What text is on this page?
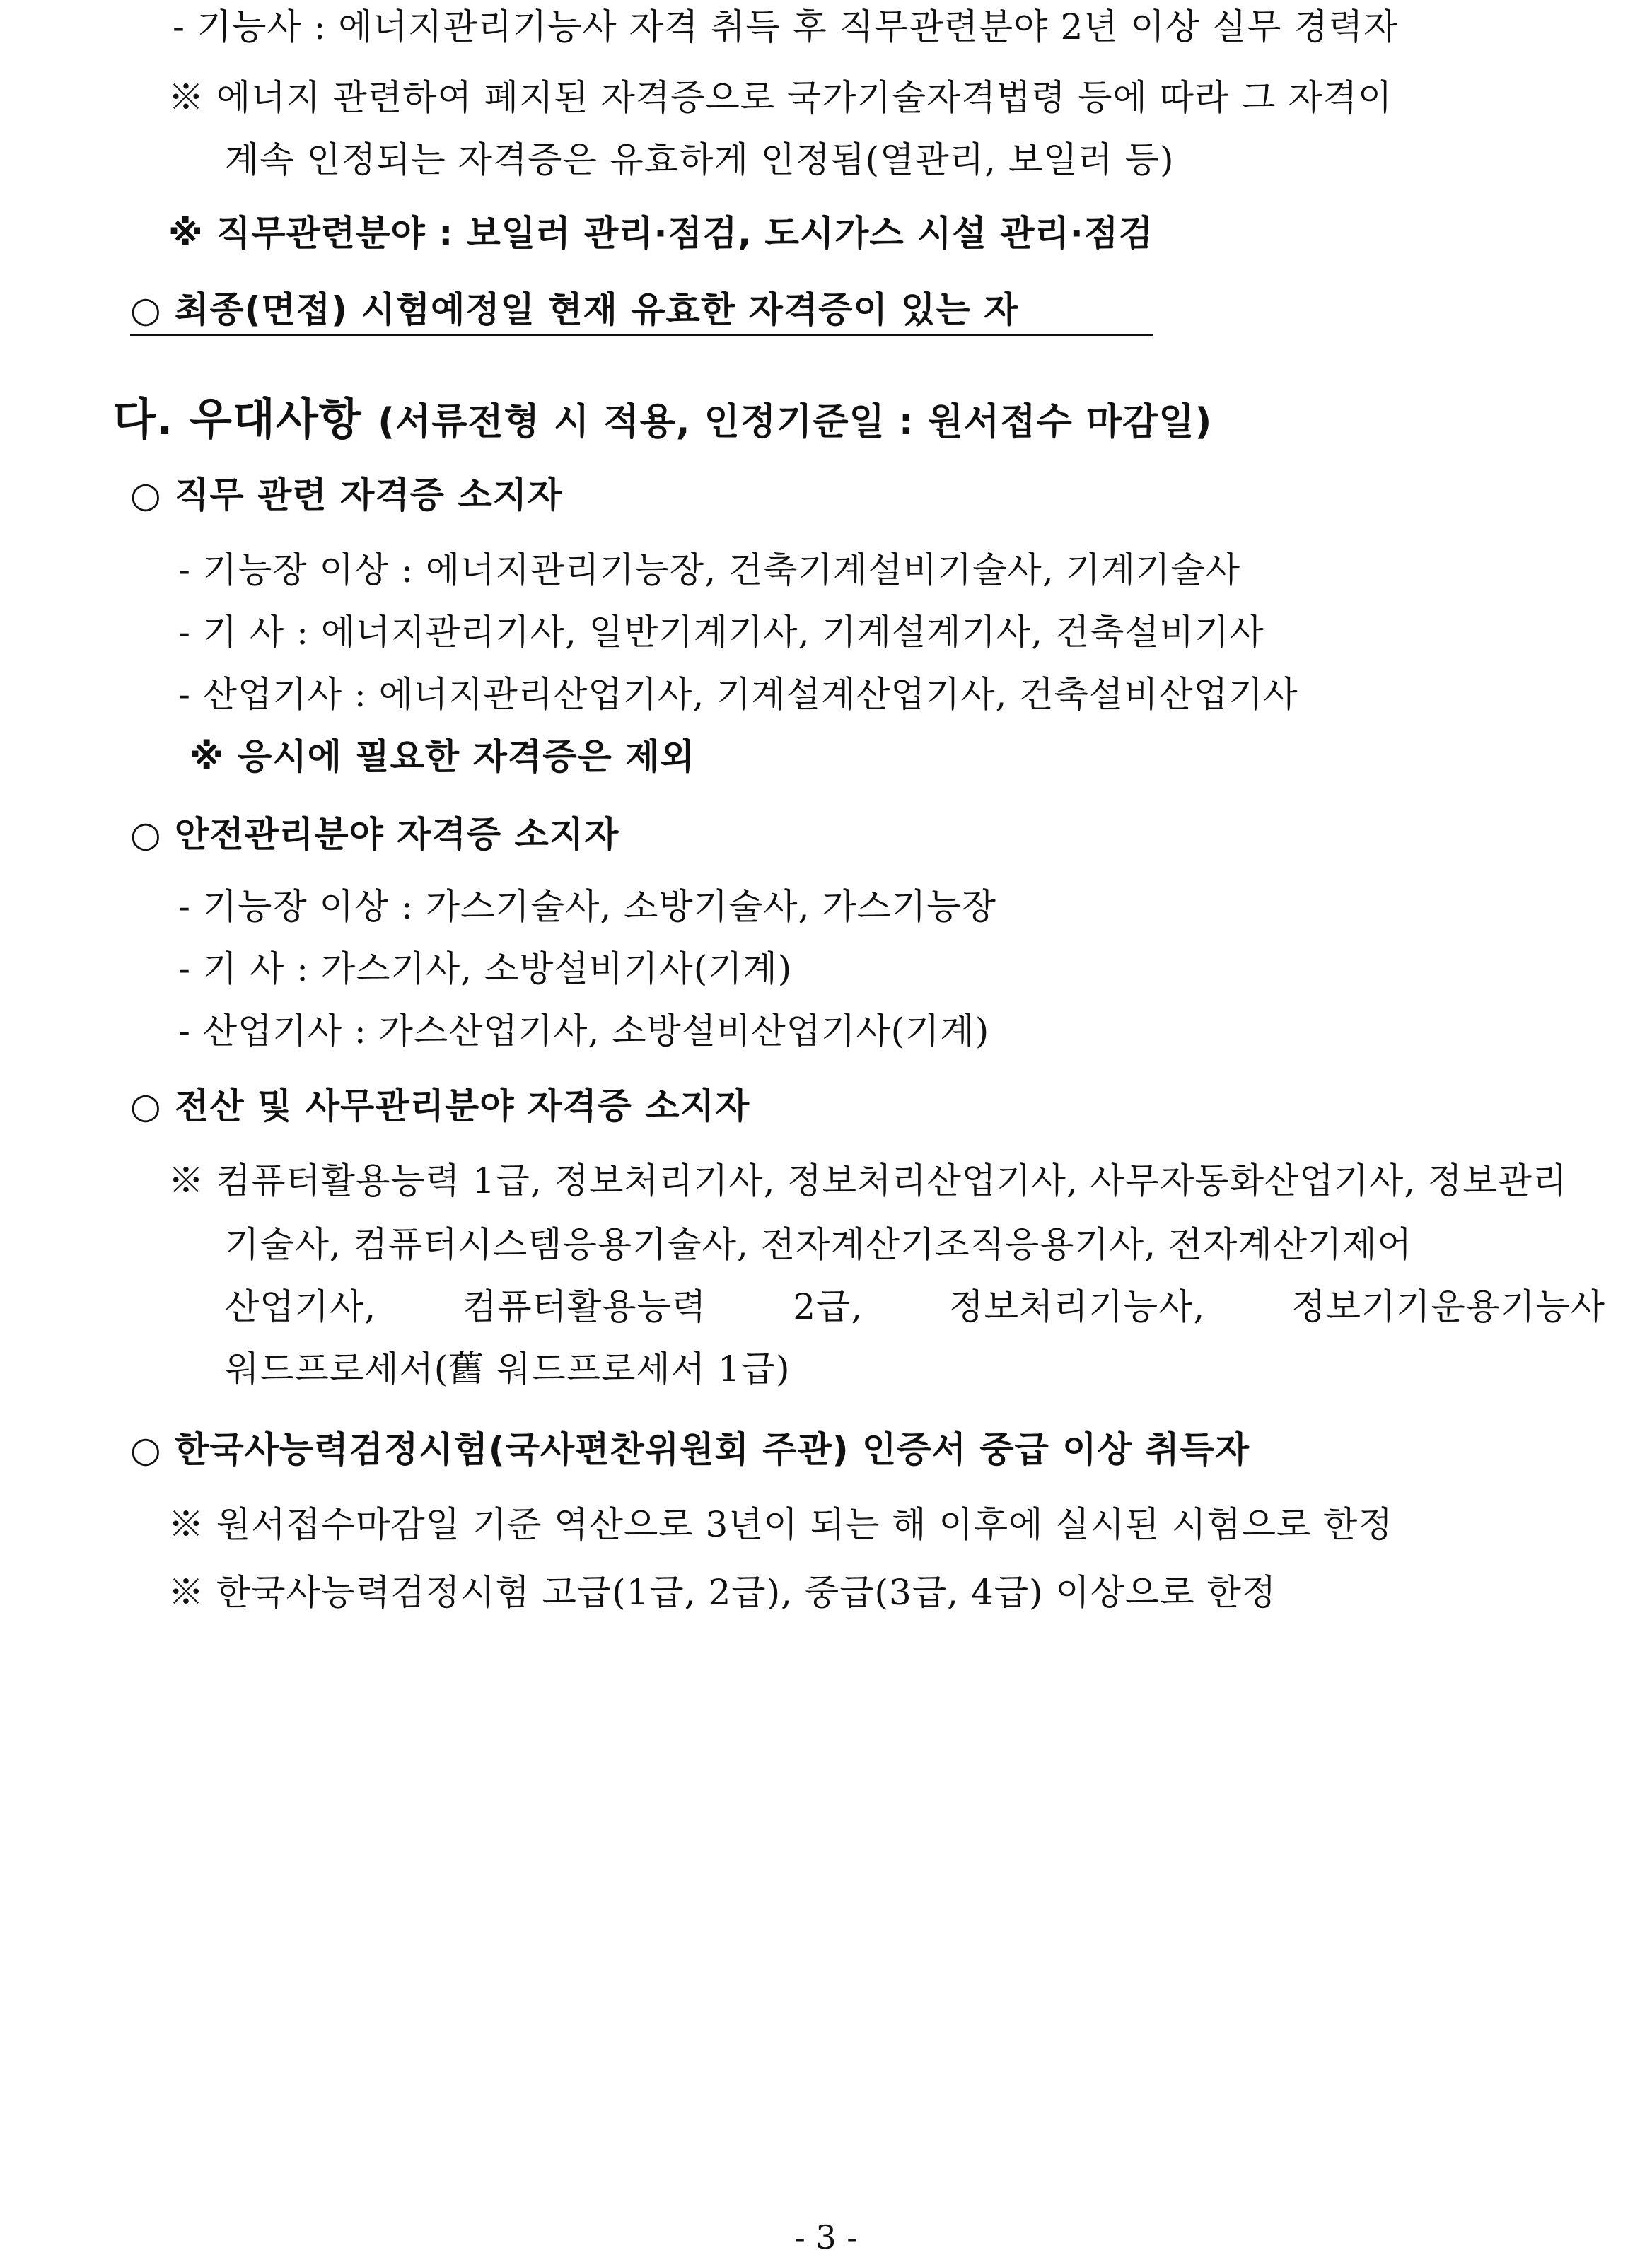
- 기능사 : 에너지관리기능사 자격 취득 후 직무관련분야 2년 이상 실무 경력자
※ 에너지 관련하여 폐지된 자격증으로 국가기술자격법령 등에 따라 그 자격이
계속 인정되는 자격증은 유효하게 인정됨(열관리, 보일러 등)
※ 직무관련분야 : 보일러 관리·점검, 도시가스 시설 관리·점검
○ 최종(면접) 시험예정일 현재 유효한 자격증이 있는 자
다. 우대사항 (서류전형 시 적용, 인정기준일 : 원서접수 마감일)
○ 직무 관련 자격증 소지자
- 기능장 이상 : 에너지관리기능장, 건축기계설비기술사, 기계기술사
- 기 사 : 에너지관리기사, 일반기계기사, 기계설계기사, 건축설비기사
- 산업기사 : 에너지관리산업기사, 기계설계산업기사, 건축설비산업기사
※ 응시에 필요한 자격증은 제외
○ 안전관리분야 자격증 소지자
- 기능장 이상 : 가스기술사, 소방기술사, 가스기능장
- 기 사 : 가스기사, 소방설비기사(기계)
- 산업기사 : 가스산업기사, 소방설비산업기사(기계)
○ 전산 및 사무관리분야 자격증 소지자
※ 컴퓨터활용능력 1급, 정보처리기사, 정보처리산업기사, 사무자동화산업기사, 정보관리
기술사, 컴퓨터시스템응용기술사, 전자계산기조직응용기사, 전자계산기제어
산업기사, 컴퓨터활용능력 2급, 정보처리기능사, 정보기기운용기능사
워드프로세서(舊 워드프로세서 1급)
○ 한국사능력검정시험(국사편찬위원회 주관) 인증서 중급 이상 취득자
※ 원서접수마감일 기준 역산으로 3년이 되는 해 이후에 실시된 시험으로 한정
※ 한국사능력검정시험 고급(1급, 2급), 중급(3급, 4급) 이상으로 한정
- 3 -
